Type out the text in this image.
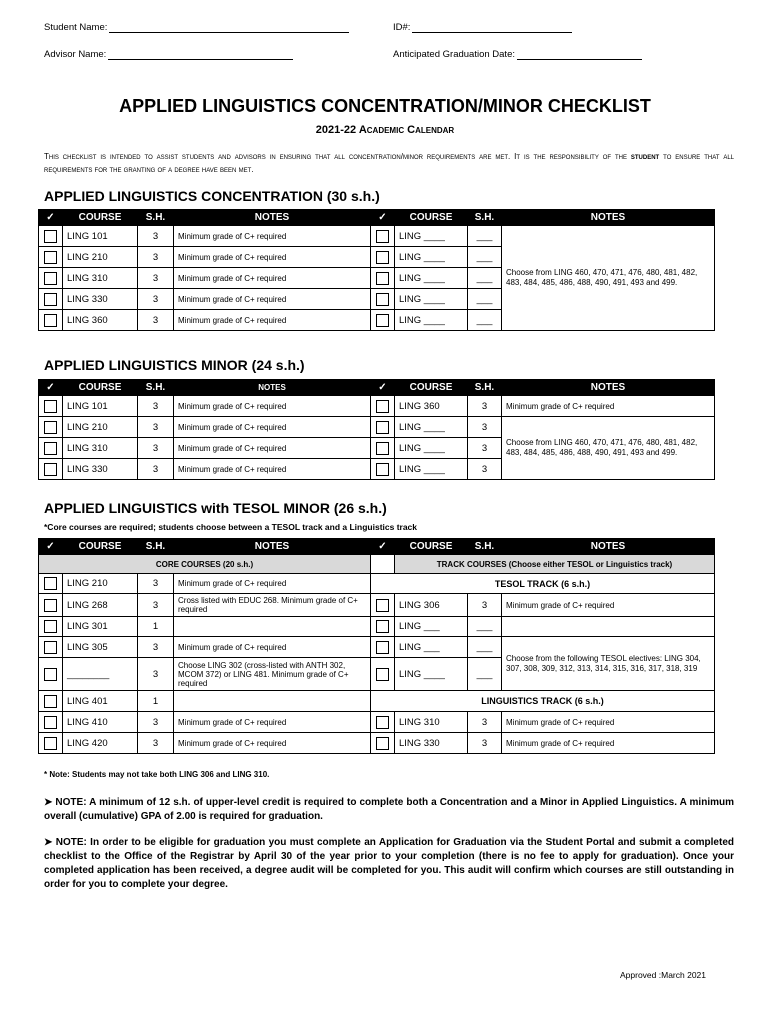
Student Name:	ID#:
Advisor Name:	Anticipated Graduation Date:
APPLIED LINGUISTICS CONCENTRATION/MINOR CHECKLIST
2021-22 Academic Calendar
This checklist is intended to assist students and advisors in ensuring that all concentration/minor requirements are met. It is the responsibility of the student to ensure that all requirements for the granting of a degree have been met.
APPLIED LINGUISTICS CONCENTRATION (30 s.h.)
✓	COURSE	S.H.	NOTES	✓	COURSE	S.H.	NOTES
	LING 101	3	Minimum grade of C+ required		LING ____	___	Choose from LING 460, 470, 471, 476, 480, 481, 482, 483, 484, 485, 486, 488, 490, 491, 493 and 499.
	LING 210	3	Minimum grade of C+ required		LING ____	___	
	LING 310	3	Minimum grade of C+ required		LING ____	___	
	LING 330	3	Minimum grade of C+ required		LING ____	___	
	LING 360	3	Minimum grade of C+ required		LING ____	___	
APPLIED LINGUISTICS MINOR (24 s.h.)
✓	COURSE	S.H.	NOTES	✓	COURSE	S.H.	NOTES
	LING 101	3	Minimum grade of C+ required		LING 360	3	Minimum grade of C+ required
	LING 210	3	Minimum grade of C+ required		LING ____	3	Choose from LING 460, 470, 471, 476, 480, 481, 482, 483, 484, 485, 486, 488, 490, 491, 493 and 499.
	LING 310	3	Minimum grade of C+ required		LING ____	3	
	LING 330	3	Minimum grade of C+ required		LING ____	3	
APPLIED LINGUISTICS with TESOL MINOR (26 s.h.)
*Core courses are required; students choose between a TESOL track and a Linguistics track
✓	COURSE	S.H.	NOTES	✓	COURSE	S.H.	NOTES
CORE COURSES (20 s.h.)					TRACK COURSES (Choose either TESOL or Linguistics track)		
	LING 210	3	Minimum grade of C+ required	TESOL TRACK (6 s.h.)			
	LING 268	3	Cross listed with EDUC 268. Minimum grade of C+ required		LING 306	3	Minimum grade of C+ required
	LING 301	1			LING ___	___	
	LING 305	3	Minimum grade of C+ required		LING ___	___	Choose from the following TESOL electives: LING 304, 307, 308, 309, 312, 313, 314, 315, 316, 317, 318, 319
	________	3	Choose LING 302 (cross-listed with ANTH 302, MCOM 372) or LING 481. Minimum grade of C+ required		LING ____	___	
	LING 401	1		LINGUISTICS TRACK (6 s.h.)			
	LING 410	3	Minimum grade of C+ required		LING 310	3	Minimum grade of C+ required
	LING 420	3	Minimum grade of C+ required		LING 330	3	Minimum grade of C+ required
* Note: Students may not take both LING 306 and LING 310.
➤ NOTE: A minimum of 12 s.h. of upper-level credit is required to complete both a Concentration and a Minor in Applied Linguistics. A minimum overall (cumulative) GPA of 2.00 is required for graduation.
➤ NOTE: In order to be eligible for graduation you must complete an Application for Graduation via the Student Portal and submit a completed checklist to the Office of the Registrar by April 30 of the year prior to your completion (there is no fee to apply for graduation). Once your completed application has been received, a degree audit will be completed for you. This audit will confirm which courses are still outstanding in order for you to complete your degree.
Approved :March 2021
